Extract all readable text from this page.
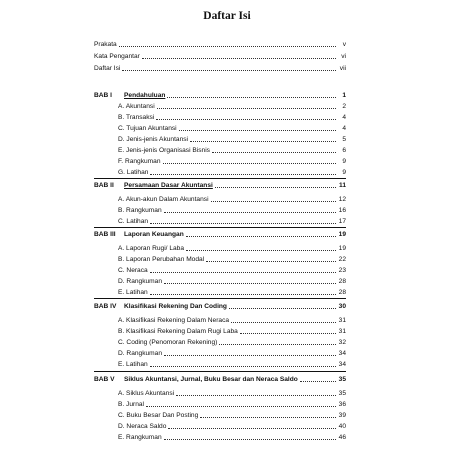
Daftar Isi
Prakata	v
Kata Pengantar	vi
Daftar Isi	vii
BAB I	Pendahuluan	1
A. Akuntansi	2
B. Transaksi	4
C. Tujuan Akuntansi	4
D. Jenis-jenis Akuntansi	5
E. Jenis-jenis Organisasi Bisnis	6
F. Rangkuman	9
G. Latihan	9
BAB II	Persamaan Dasar Akuntansi	11
A. Akun-akun Dalam Akuntansi	12
B. Rangkuman	16
C. Latihan	17
BAB III	Laporan Keuangan	19
A. Laporan Rugi/ Laba	19
B. Laporan Perubahan Modal	22
C. Neraca	23
D. Rangkuman	28
E. Latihan	28
BAB IV	Klasifikasi Rekening Dan Coding	30
A. Klasifikasi Rekening Dalam Neraca	31
B. Klasifikasi Rekening Dalam Rugi Laba	31
C. Coding (Penomoran Rekening)	32
D. Rangkuman	34
E. Latihan	34
BAB V	Siklus Akuntansi, Jurnal, Buku Besar dan Neraca Saldo	35
A. Siklus Akuntansi	35
B. Jurnal	36
C. Buku Besar Dan Posting	39
D. Neraca Saldo	40
E. Rangkuman	46
